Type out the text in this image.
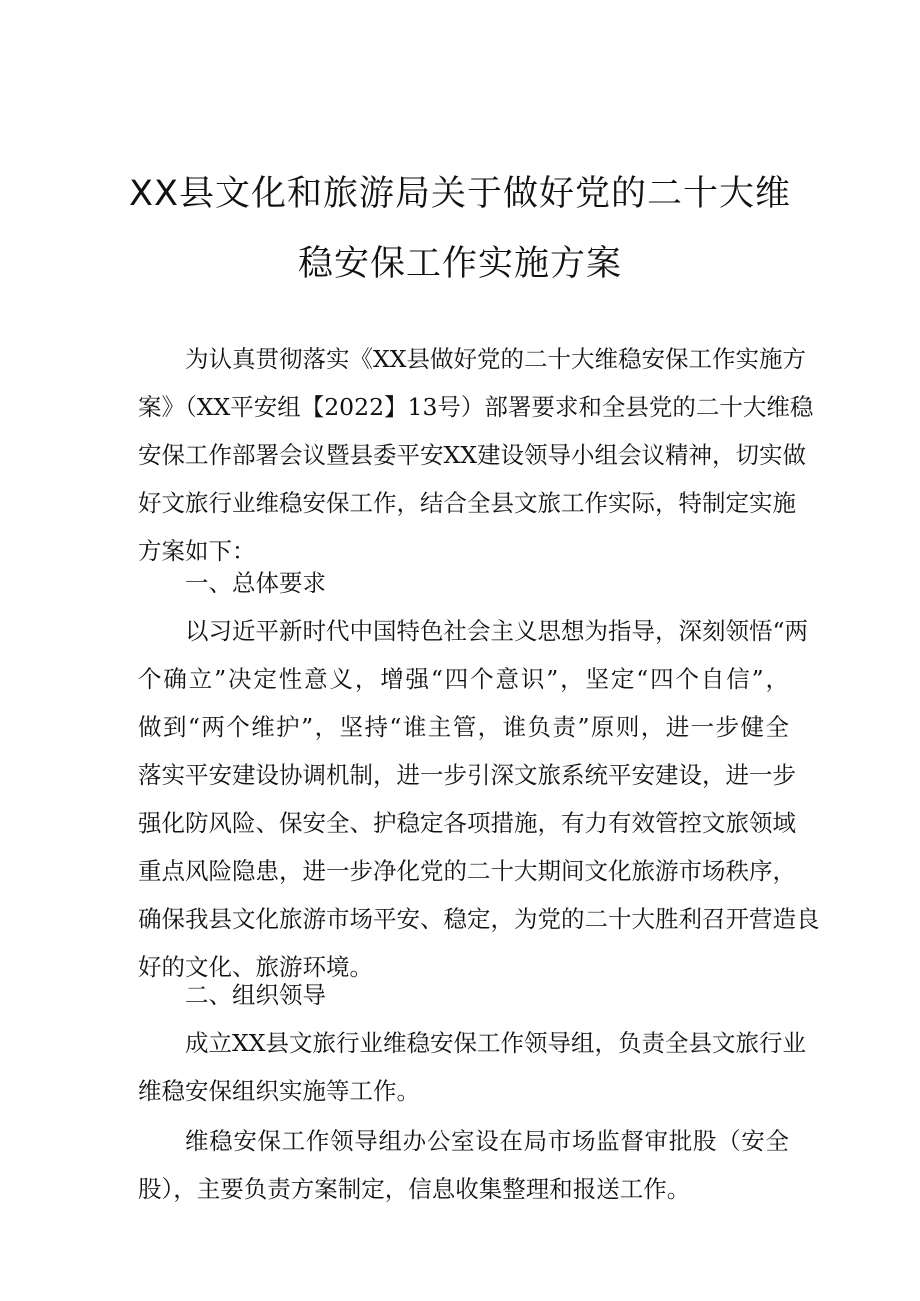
XX县文化和旅游局关于做好党的二十大维
稳安保工作实施方案
为认真贯彻落实《XX县做好党的二十大维稳安保工作实施方
案》（XX平安组【2022】13号）部署要求和全县党的二十大维稳
安保工作部署会议暨县委平安XX建设领导小组会议精神，切实做
好文旅行业维稳安保工作，结合全县文旅工作实际，特制定实施
方案如下：
一、总体要求
以习近平新时代中国特色社会主义思想为指导，深刻领悟“两
个确立”决定性意义，增强“四个意识”，坚定“四个自信”，
做到“两个维护”，坚持“谁主管，谁负责”原则，进一步健全
落实平安建设协调机制，进一步引深文旅系统平安建设，进一步
强化防风险、保安全、护稳定各项措施，有力有效管控文旅领域
重点风险隐患，进一步净化党的二十大期间文化旅游市场秩序，
确保我县文化旅游市场平安、稳定，为党的二十大胜利召开营造良
好的文化、旅游环境。
二、组织领导
成立XX县文旅行业维稳安保工作领导组，负责全县文旅行业
维稳安保组织实施等工作。
维稳安保工作领导组办公室设在局市场监督审批股（安全
股），主要负责方案制定，信息收集整理和报送工作。
